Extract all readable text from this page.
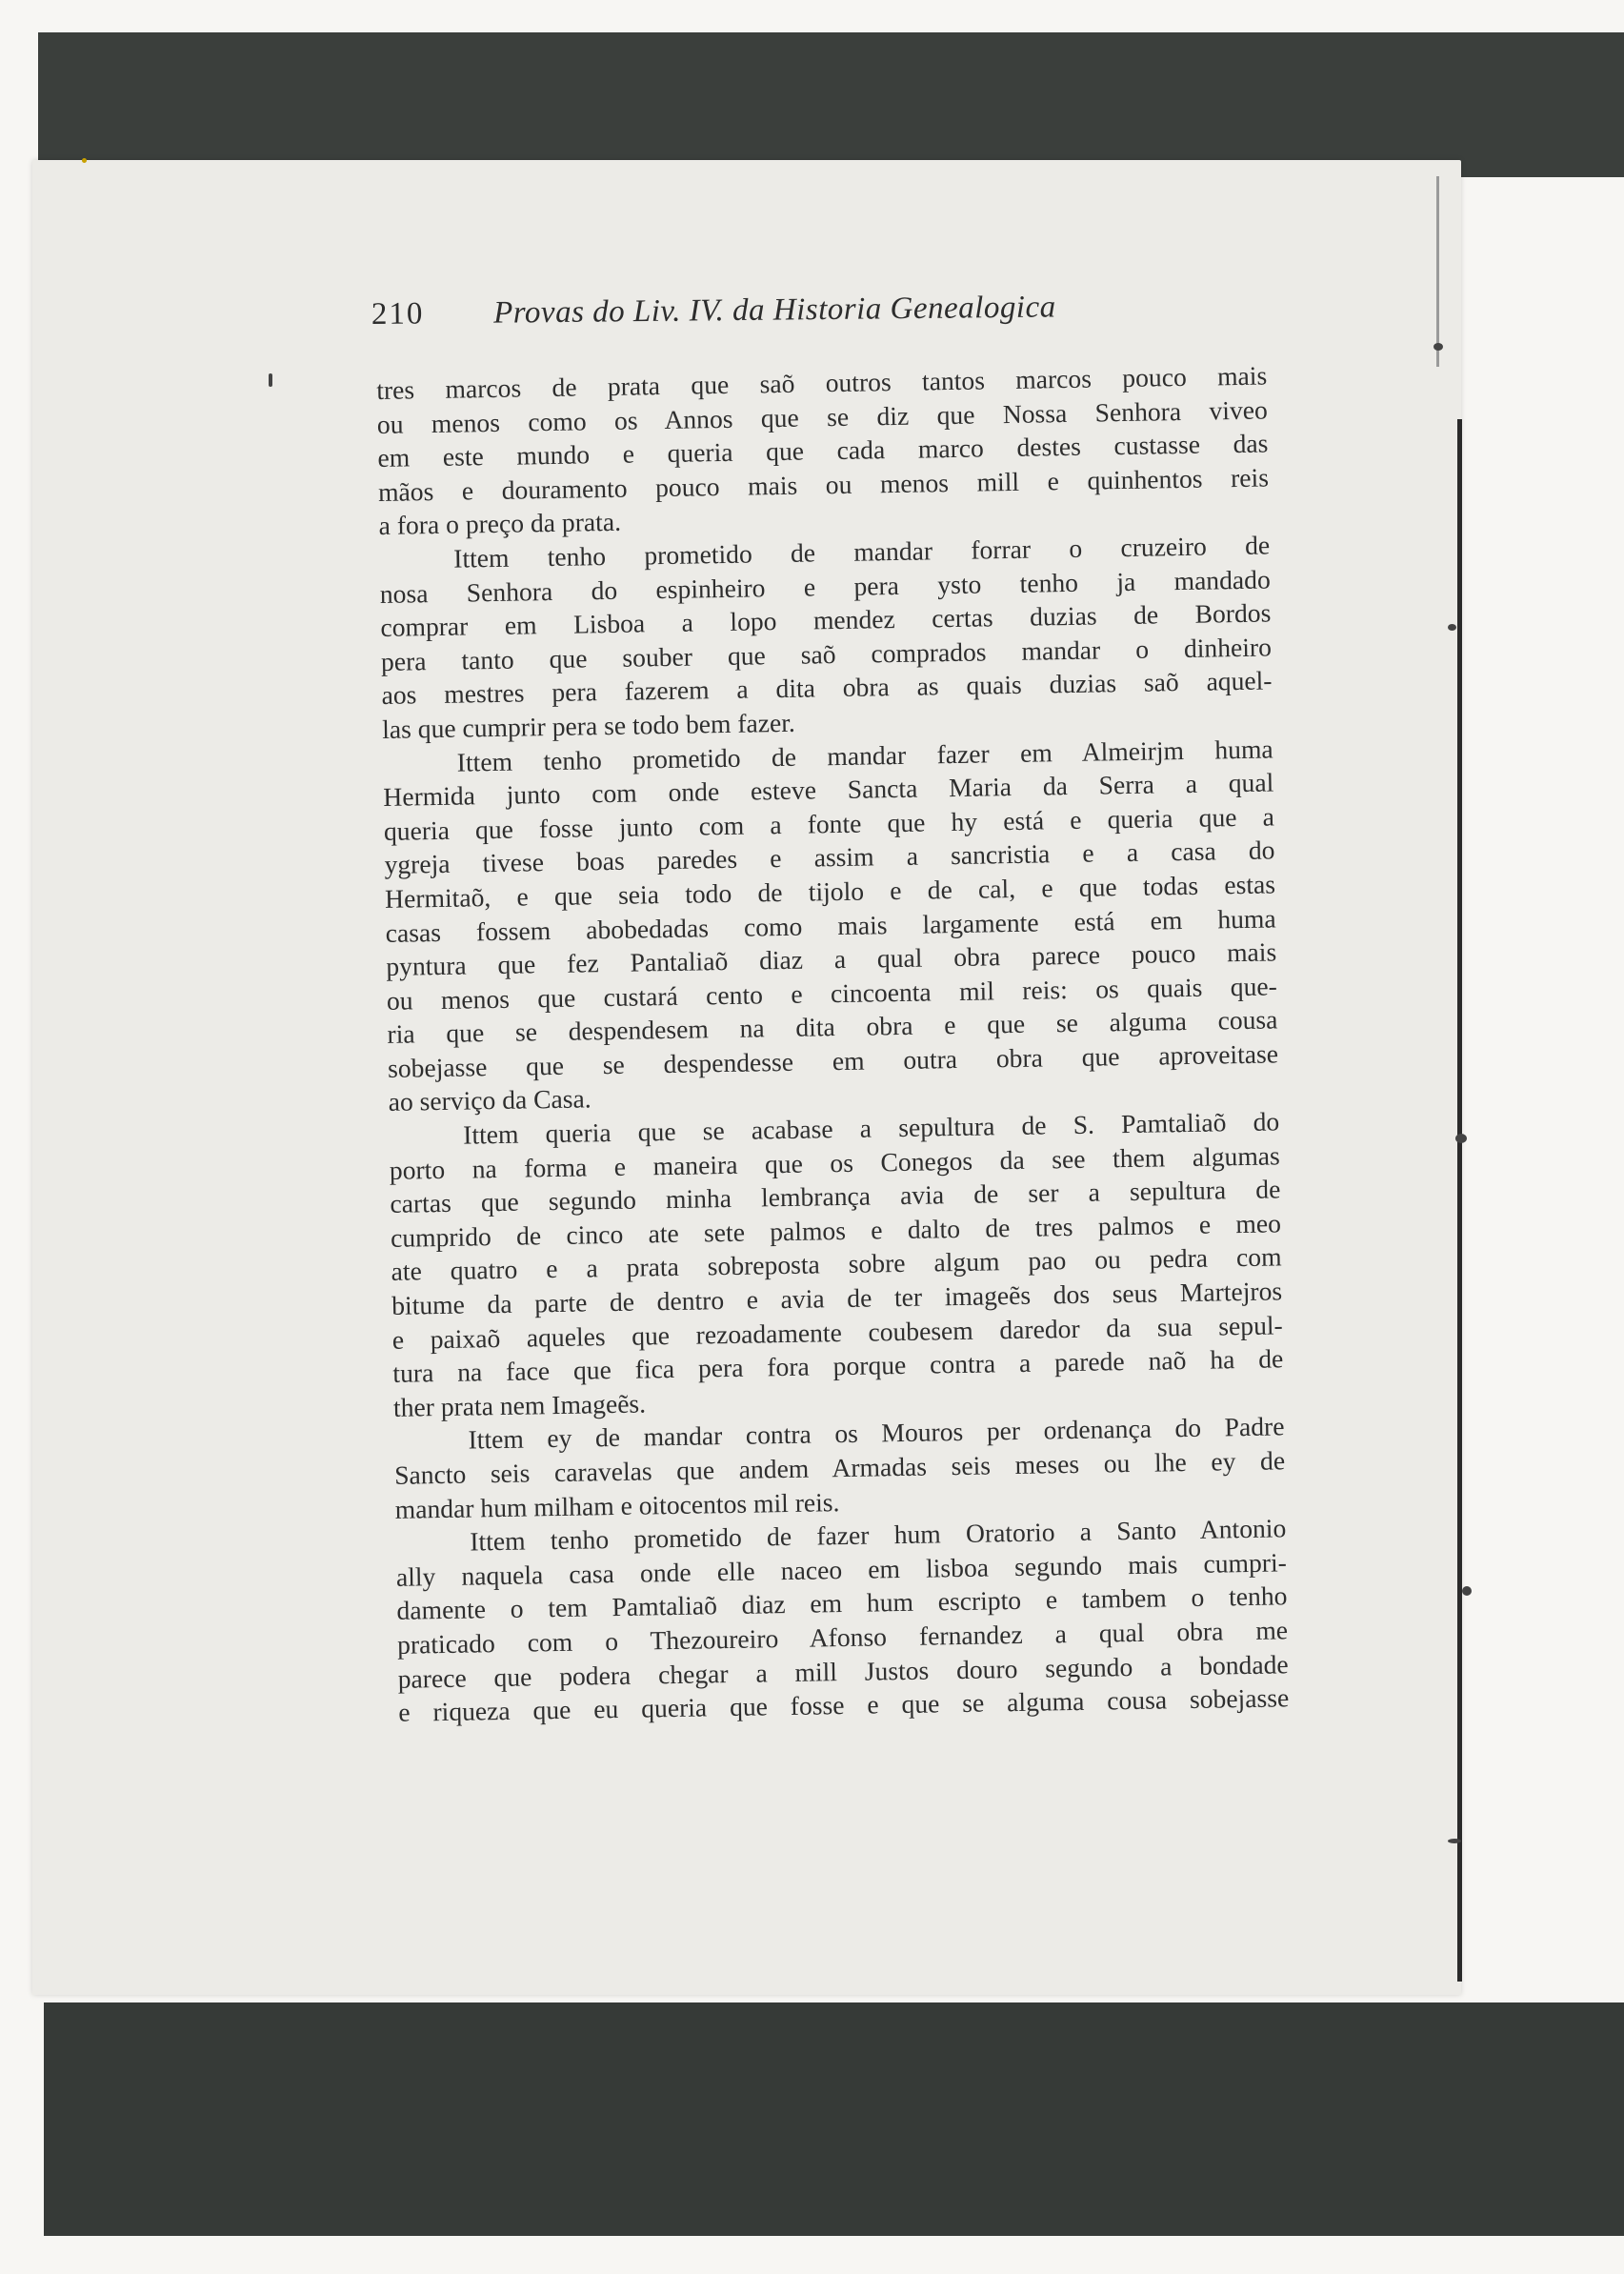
210 Provas do Liv. IV. da Historia Genealogica
tres marcos de prata que saõ outros tantos marcos pouco mais
ou menos como os Annos que se diz que Nossa Senhora viveo
em este mundo e queria que cada marco destes custasse das
mãos e douramento pouco mais ou menos mill e quinhentos reis
a fora o preço da prata.
Ittem tenho prometido de mandar forrar o cruzeiro de
nosa Senhora do espinheiro e pera ysto tenho ja mandado
comprar em Lisboa a lopo mendez certas duzias de Bordos
pera tanto que souber que saõ comprados mandar o dinheiro
aos mestres pera fazerem a dita obra as quais duzias saõ aquel-
las que cumprir pera se todo bem fazer.
Ittem tenho prometido de mandar fazer em Almeirjm huma
Hermida junto com onde esteve Sancta Maria da Serra a qual
queria que fosse junto com a fonte que hy está e queria que a
ygreja tivese boas paredes e assim a sancristia e a casa do
Hermitaõ, e que seia todo de tijolo e de cal, e que todas estas
casas fossem abobedadas como mais largamente está em huma
pyntura que fez Pantaliaõ diaz a qual obra parece pouco mais
ou menos que custará cento e cincoenta mil reis: os quais que-
ria que se despendesem na dita obra e que se alguma cousa
sobejasse que se despendesse em outra obra que aproveitase
ao serviço da Casa.
Ittem queria que se acabase a sepultura de S. Pamtaliaõ do
porto na forma e maneira que os Conegos da see them algumas
cartas que segundo minha lembrança avia de ser a sepultura de
cumprido de cinco ate sete palmos e dalto de tres palmos e meo
ate quatro e a prata sobreposta sobre algum pao ou pedra com
bitume da parte de dentro e avia de ter imageẽs dos seus Martejros
e paixaõ aqueles que rezoadamente coubesem daredor da sua sepul-
tura na face que fica pera fora porque contra a parede naõ ha de
ther prata nem Imageẽs.
Ittem ey de mandar contra os Mouros per ordenança do Padre
Sancto seis caravelas que andem Armadas seis meses ou lhe ey de
mandar hum milham e oitocentos mil reis.
Ittem tenho prometido de fazer hum Oratorio a Santo Antonio
ally naquela casa onde elle naceo em lisboa segundo mais cumpri-
damente o tem Pamtaliaõ diaz em hum escripto e tambem o tenho
praticado com o Thezoureiro Afonso fernandez a qual obra me
parece que podera chegar a mill Justos douro segundo a bondade
e riqueza que eu queria que fosse e que se alguma cousa sobejasse
